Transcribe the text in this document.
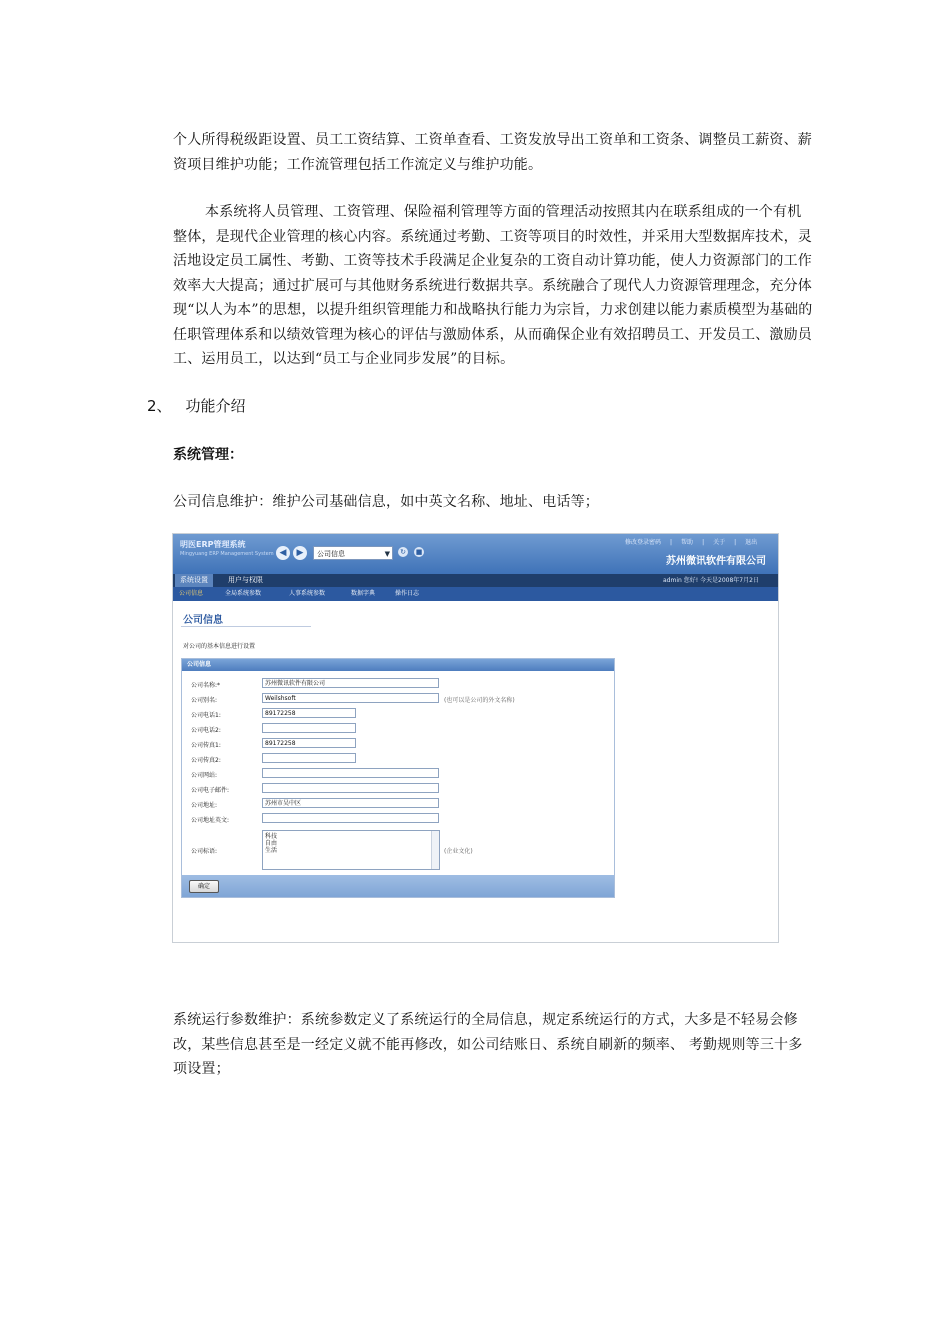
个人所得税级距设置、员工工资结算、工资单查看、工资发放导出工资单和工资条、调整员工薪资、薪资项目维护功能；工作流管理包括工作流定义与维护功能。

本系统将人员管理、工资管理、保险福利管理等方面的管理活动按照其内在联系组成的一个有机整体，是现代企业管理的核心内容。系统通过考勤、工资等项目的时效性，并采用大型数据库技术，灵活地设定员工属性、考勤、工资等技术手段满足企业复杂的工资自动计算功能，使人力资源部门的工作效率大大提高；通过扩展可与其他财务系统进行数据共享。系统融合了现代人力资源管理理念，充分体现“以人为本”的思想，以提升组织管理能力和战略执行能力为宗旨，力求创建以能力素质模型为基础的任职管理体系和以绩效管理为核心的评估与激励体系，从而确保企业有效招聘员工、开发员工、激励员工、运用员工，以达到“员工与企业同步发展”的目标。

2、 功能介绍
系统管理：

公司信息维护：维护公司基础信息，如中英文名称、地址、电话等；

明医ERP管理系统
Mingyuang ERP Management System ◀	▶	公司信息	▼ ↻ ■
修改登录密码 | 帮助 | 关于 | 退出
苏州微讯软件有限公司
系统设置	用户与权限	admin 您好! 今天是2008年7月2日
公司信息	全局系统参数	人事系统参数	数据字典	操作日志
公司信息
对公司的基本信息进行设置
公司信息
公司名称:*	苏州微讯软件有限公司
公司别名:	Weilshsoft	(也可以是公司的外文名称)
公司电话1:	89172258
公司电话2:
公司传真1:	89172258
公司传真2:
公司网站:
公司电子邮件:
公司地址:	苏州市吴中区
公司地址英文:
公司标语:
科技
自由
生活	(企业文化)
确定

系统运行参数维护：系统参数定义了系统运行的全局信息，规定系统运行的方式，大多是不轻易会修改，某些信息甚至是一经定义就不能再修改，如公司结账日、系统自刷新的频率、 考勤规则等三十多项设置；
